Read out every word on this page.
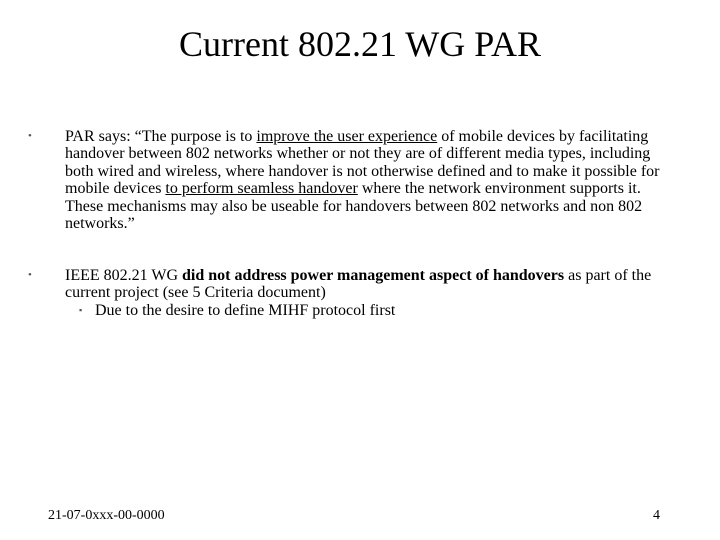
Current 802.21 WG PAR
• PAR says: “The purpose is to improve the user experience of mobile devices by facilitating handover between 802 networks whether or not they are of different media types, including both wired and wireless, where handover is not otherwise defined and to make it possible for mobile devices to perform seamless handover where the network environment supports it. These mechanisms may also be useable for handovers between 802 networks and non 802 networks.”
• IEEE 802.21 WG did not address power management aspect of handovers as part of the current project (see 5 Criteria document)
▪ Due to the desire to define MIHF protocol first
21-07-0xxx-00-0000	4
